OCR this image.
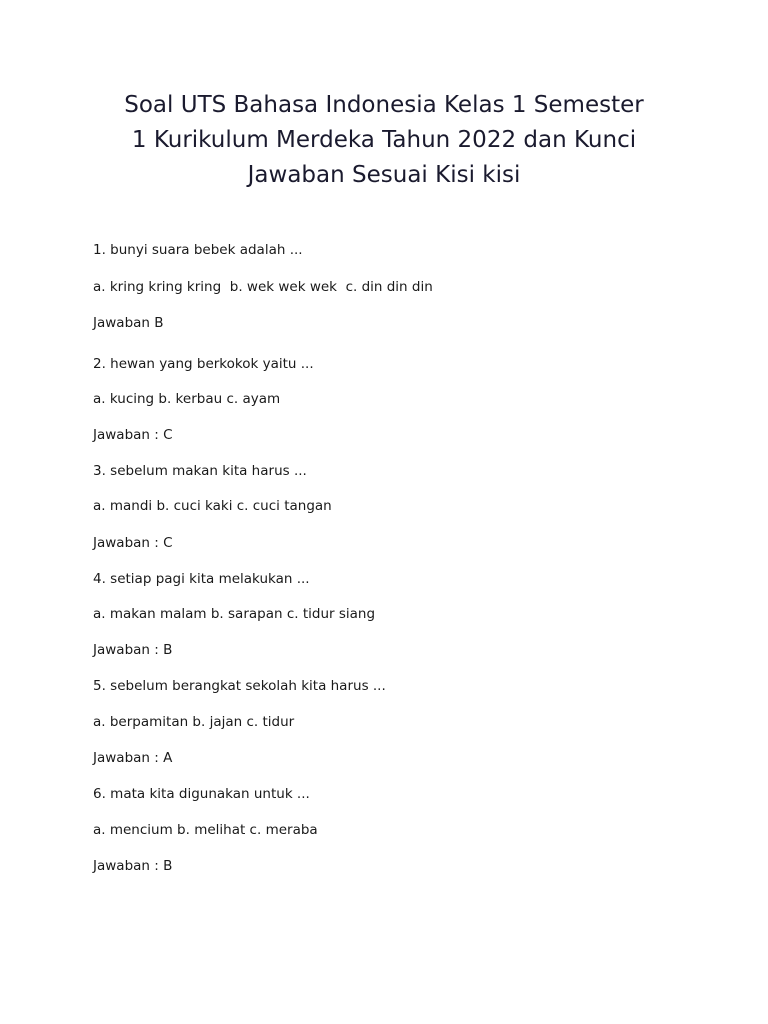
Soal UTS Bahasa Indonesia Kelas 1 Semester
1 Kurikulum Merdeka Tahun 2022 dan Kunci
Jawaban Sesuai Kisi kisi

1. bunyi suara bebek adalah ...

a. kring kring kring  b. wek wek wek  c. din din din

Jawaban B

2. hewan yang berkokok yaitu ...

a. kucing b. kerbau c. ayam

Jawaban : C

3. sebelum makan kita harus ...

a. mandi b. cuci kaki c. cuci tangan

Jawaban : C

4. setiap pagi kita melakukan ...

a. makan malam b. sarapan c. tidur siang

Jawaban : B

5. sebelum berangkat sekolah kita harus ...

a. berpamitan b. jajan c. tidur

Jawaban : A

6. mata kita digunakan untuk ...

a. mencium b. melihat c. meraba

Jawaban : B
